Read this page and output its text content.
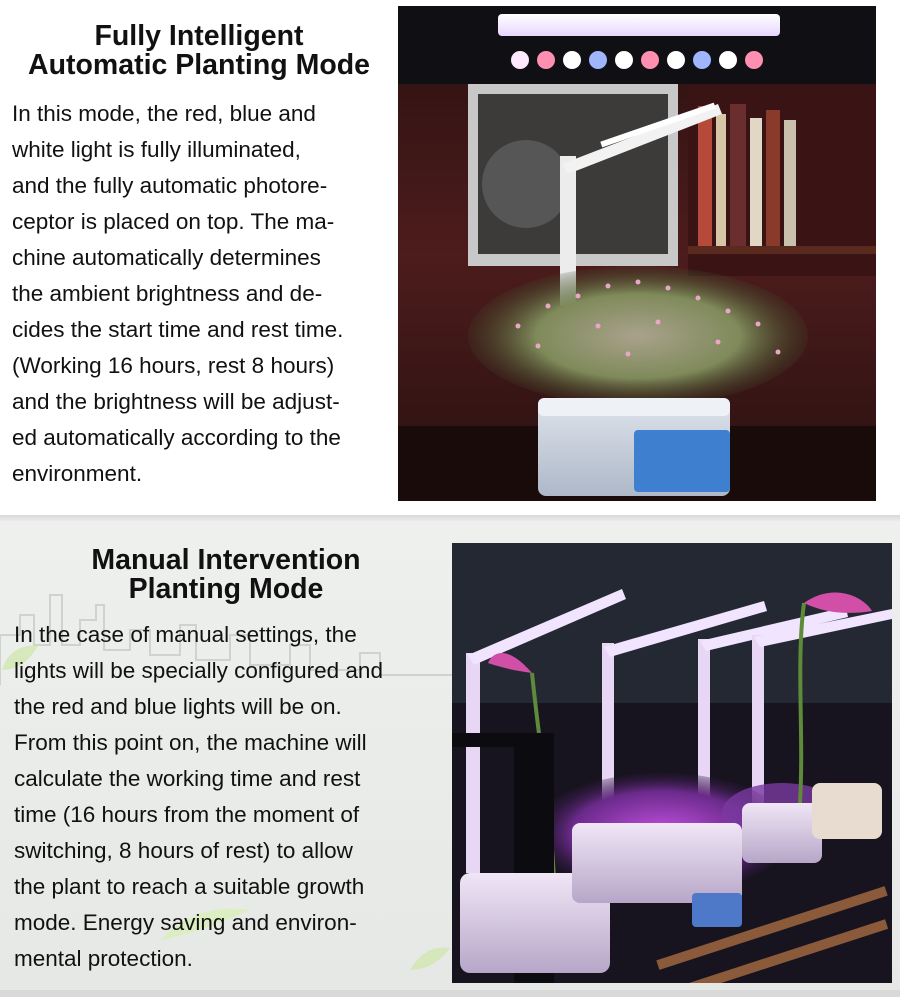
Fully Intelligent
Automatic Planting Mode
In this mode, the red, blue and
white light is fully illuminated,
and the fully automatic photore-
ceptor is placed on top. The ma-
chine automatically determines
the ambient brightness and de-
cides the start time and rest time.
(Working 16 hours, rest 8 hours)
and the brightness will be adjust-
ed automatically according to the
environment.
Manual Intervention
Planting Mode
In the case of manual settings, the
lights will be specially configured and
the red and blue lights will be on.
From this point on, the machine will
calculate the working time and rest
time (16 hours from the moment of
switching, 8 hours of rest) to allow
the plant to reach a suitable growth
mode. Energy saving and environ-
mental protection.
